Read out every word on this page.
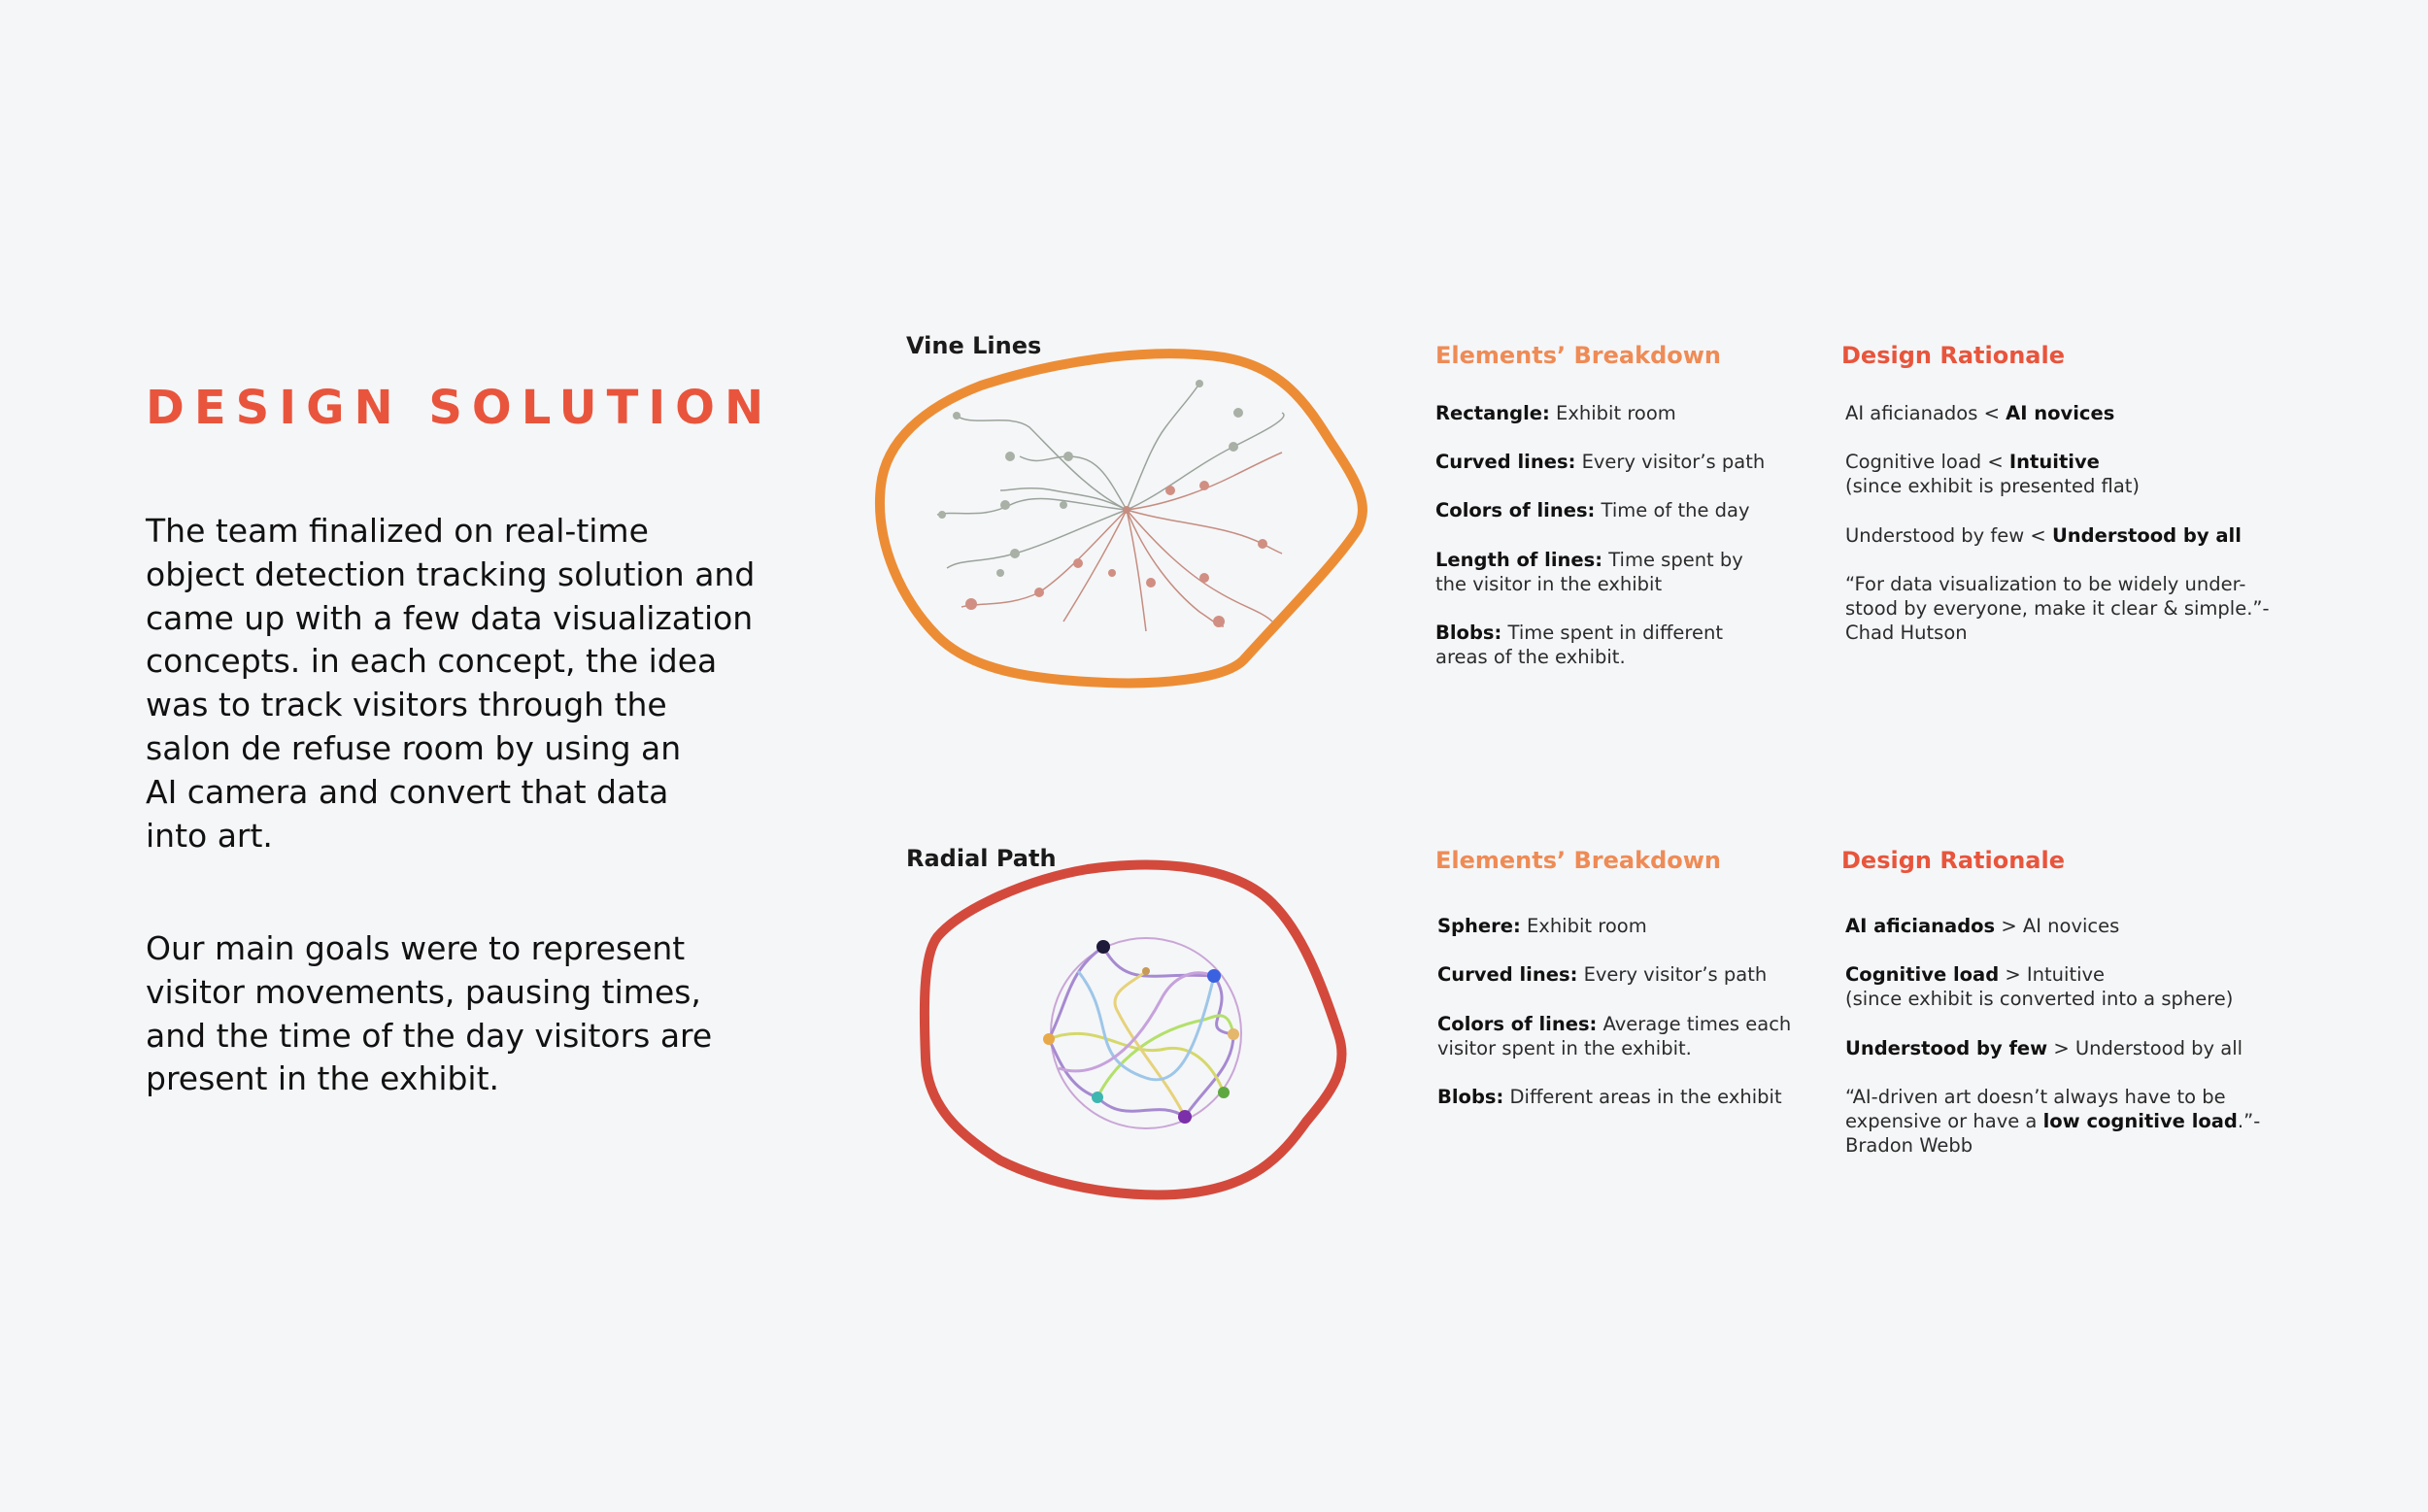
DESIGN SOLUTION

The team finalized on real-time
object detection tracking solution and
came up with a few data visualization
concepts. in each concept, the idea
was to track visitors through the
salon de refuse room by using an
AI camera and convert that data
into art.

Our main goals were to represent
visitor movements, pausing times,
and the time of the day visitors are
present in the exhibit.

Vine Lines	Elements’ Breakdown

Rectangle: Exhibit room

Curved lines: Every visitor’s path

Colors of lines: Time of the day

Length of lines: Time spent by
the visitor in the exhibit

Blobs: Time spent in different
areas of the exhibit.

Design Rationale

AI aficianados < AI novices

Cognitive load < Intuitive
(since exhibit is presented flat)

Understood by few < Understood by all

“For data visualization to be widely under-
stood by everyone, make it clear & simple.”-
Chad Hutson

Radial Path	Elements’ Breakdown

Sphere: Exhibit room

Curved lines: Every visitor’s path

Colors of lines: Average times each
visitor spent in the exhibit.

Blobs: Different areas in the exhibit

Design Rationale

AI aficianados > AI novices

Cognitive load > Intuitive
(since exhibit is converted into a sphere)

Understood by few > Understood by all

“AI-driven art doesn’t always have to be
expensive or have a low cognitive load.”-
Bradon Webb
